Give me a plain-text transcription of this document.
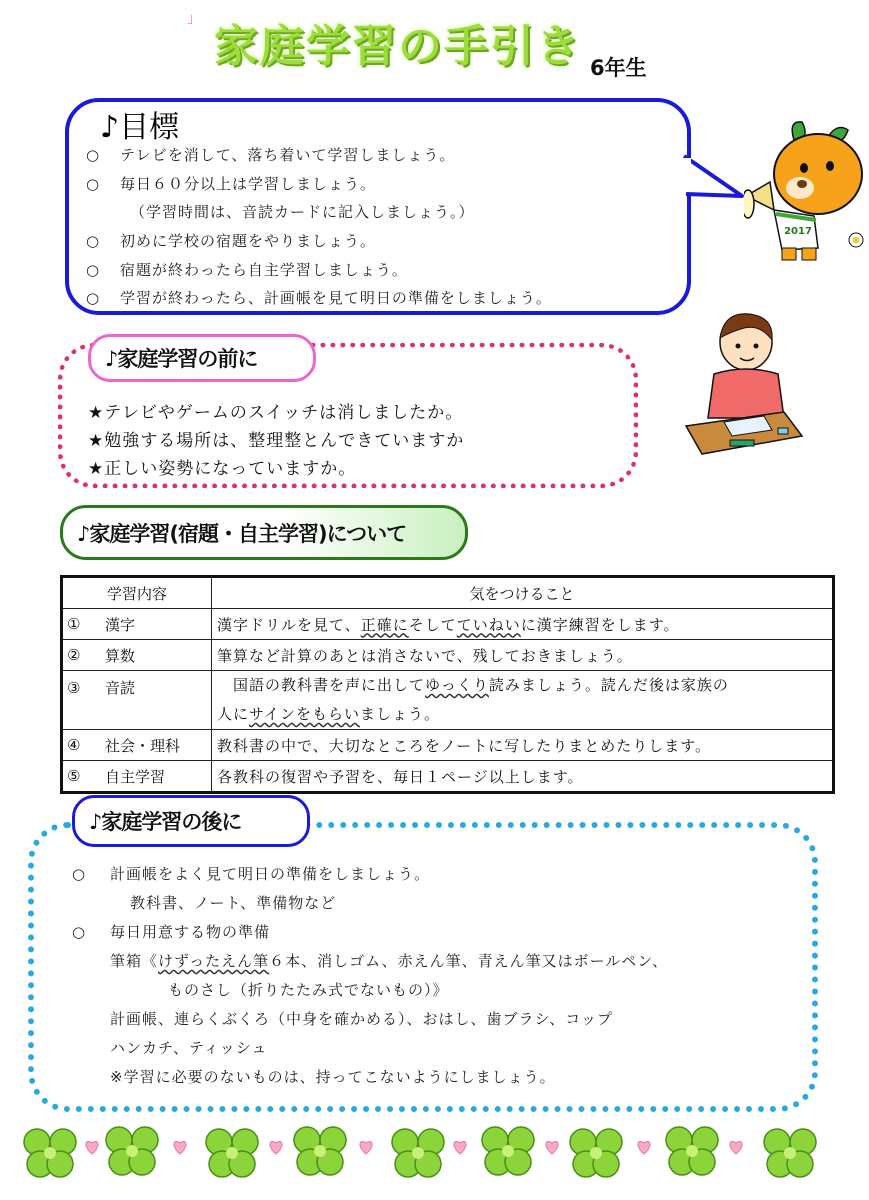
」
家庭学習の手引き 6年生
♪目標
○ テレビを消して、落ち着いて学習しましょう。
○ 毎日６０分以上は学習しましょう。
（学習時間は、音読カードに記入しましょう。）
○ 初めに学校の宿題をやりましょう。
○ 宿題が終わったら自主学習しましょう。
○ 学習が終わったら、計画帳を見て明日の準備をしましょう。
2017
♪家庭学習の前に
★テレビやゲームのスイッチは消しましたか。
★勉強する場所は、整理整とんできていますか
★正しい姿勢になっていますか。
♪家庭学習(宿題・自主学習)について
学習内容	気をつけること

① 漢字	漢字ドリルを見て、正確にそしてていねいに漢字練習をします。

② 算数	筆算など計算のあとは消さないで、残しておきましょう。

③ 音読	　国語の教科書を声に出してゆっくり読みましょう。読んだ後は家族の
人にサインをもらいましょう。

④ 社会・理科	教科書の中で、大切なところをノートに写したりまとめたりします。

⑤ 自主学習	各教科の復習や予習を、毎日１ページ以上します。
♪家庭学習の後に
○ 計画帳をよく見て明日の準備をしましょう。
教科書、ノート、準備物など
○ 毎日用意する物の準備
筆箱《けずったえん筆６本、消しゴム、赤えん筆、青えん筆又はボールペン、
ものさし（折りたたみ式でないもの）》
計画帳、連らくぶくろ（中身を確かめる）、おはし、歯ブラシ、コップ
ハンカチ、ティッシュ
※学習に必要のないものは、持ってこないようにしましょう。
